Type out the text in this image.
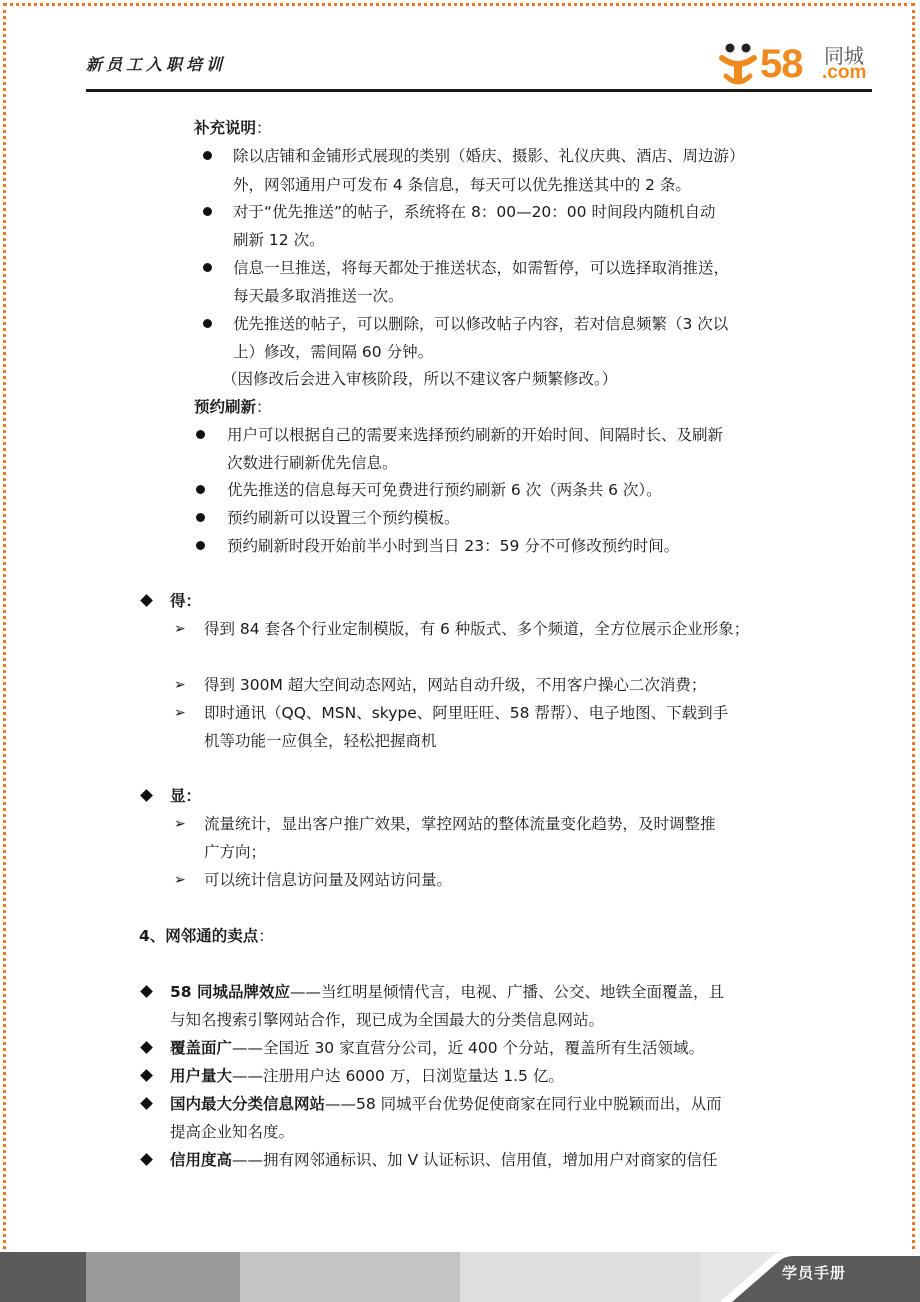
新员工入职培训	58 同城
.com
补充说明：
除以店铺和金铺形式展现的类别（婚庆、摄影、礼仪庆典、酒店、周边游）
外，网邻通用户可发布 4 条信息，每天可以优先推送其中的 2 条。
对于“优先推送”的帖子，系统将在 8：00—20：00 时间段内随机自动
刷新 12 次。
信息一旦推送，将每天都处于推送状态，如需暂停，可以选择取消推送，
每天最多取消推送一次。
优先推送的帖子，可以删除，可以修改帖子内容，若对信息频繁（3 次以
上）修改，需间隔 60 分钟。
（因修改后会进入审核阶段，所以不建议客户频繁修改。）
预约刷新：
用户可以根据自己的需要来选择预约刷新的开始时间、间隔时长、及刷新
次数进行刷新优先信息。
优先推送的信息每天可免费进行预约刷新 6 次（两条共 6 次）。
预约刷新可以设置三个预约模板。
预约刷新时段开始前半小时到当日 23：59 分不可修改预约时间。
得：
➢ 得到 84 套各个行业定制模版，有 6 种版式、多个频道，全方位展示企业形象；
➢ 得到 300M 超大空间动态网站，网站自动升级，不用客户操心二次消费；
➢ 即时通讯（QQ、MSN、skype、阿里旺旺、58 帮帮）、电子地图、下载到手
机等功能一应俱全，轻松把握商机
显：
➢ 流量统计，显出客户推广效果，掌控网站的整体流量变化趋势，及时调整推
广方向；
➢ 可以统计信息访问量及网站访问量。
4、网邻通的卖点：
58 同城品牌效应——当红明星倾情代言，电视、广播、公交、地铁全面覆盖，且
与知名搜索引擎网站合作，现已成为全国最大的分类信息网站。
覆盖面广——全国近 30 家直营分公司，近 400 个分站，覆盖所有生活领域。
用户量大——注册用户达 6000 万，日浏览量达 1.5 亿。
国内最大分类信息网站——58 同城平台优势促使商家在同行业中脱颖而出，从而
提高企业知名度。
信用度高——拥有网邻通标识、加 V 认证标识、信用值，增加用户对商家的信任
学员手册
